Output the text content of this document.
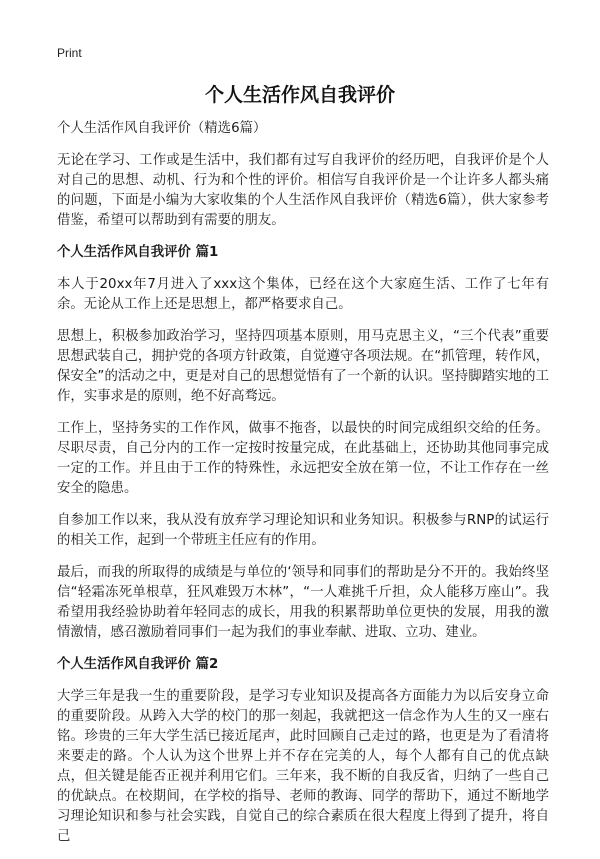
Print
个人生活作风自我评价

个人生活作风自我评价（精选6篇）

无论在学习、工作或是生活中，我们都有过写自我评价的经历吧，自我评价是个人对自己的思想、动机、行为和个性的评价。相信写自我评价是一个让许多人都头痛的问题，下面是小编为大家收集的个人生活作风自我评价（精选6篇），供大家参考借鉴，希望可以帮助到有需要的朋友。

个人生活作风自我评价 篇1

本人于20xx年7月进入了xxx这个集体，已经在这个大家庭生活、工作了七年有余。无论从工作上还是思想上，都严格要求自己。

思想上，积极参加政治学习，坚持四项基本原则，用马克思主义，“三个代表”重要思想武装自己，拥护党的各项方针政策，自觉遵守各项法规。在“抓管理，转作风，保安全”的活动之中，更是对自己的思想觉悟有了一个新的认识。坚持脚踏实地的工作，实事求是的原则，绝不好高骛远。

工作上，坚持务实的工作作风，做事不拖沓，以最快的时间完成组织交给的任务。尽职尽责，自己分内的工作一定按时按量完成，在此基础上，还协助其他同事完成一定的工作。并且由于工作的特殊性，永远把安全放在第一位，不让工作存在一丝安全的隐患。

自参加工作以来，我从没有放弃学习理论知识和业务知识。积极参与RNP的试运行的相关工作，起到一个带班主任应有的作用。

最后，而我的所取得的成绩是与单位的‘领导和同事们的帮助是分不开的。我始终坚信“轻霜冻死单根草，狂风难毁万木林”，“一人难挑千斤担，众人能移万座山”。我希望用我经验协助着年轻同志的成长，用我的积累帮助单位更快的发展，用我的激情激情，感召激励着同事们一起为我们的事业奉献、进取、立功、建业。

个人生活作风自我评价 篇2

大学三年是我一生的重要阶段，是学习专业知识及提高各方面能力为以后安身立命的重要阶段。从跨入大学的校门的那一刻起，我就把这一信念作为人生的又一座右铭。珍贵的三年大学生活已接近尾声，此时回顾自己走过的路，也更是为了看清将来要走的路。个人认为这个世界上并不存在完美的人，每个人都有自己的优点缺点，但关键是能否正视并利用它们。三年来，我不断的自我反省，归纳了一些自己的优缺点。在校期间，在学校的指导、老师的教诲、同学的帮助下，通过不断地学习理论知识和参与社会实践，自觉自己的综合素质在很大程度上得到了提升，将自己
